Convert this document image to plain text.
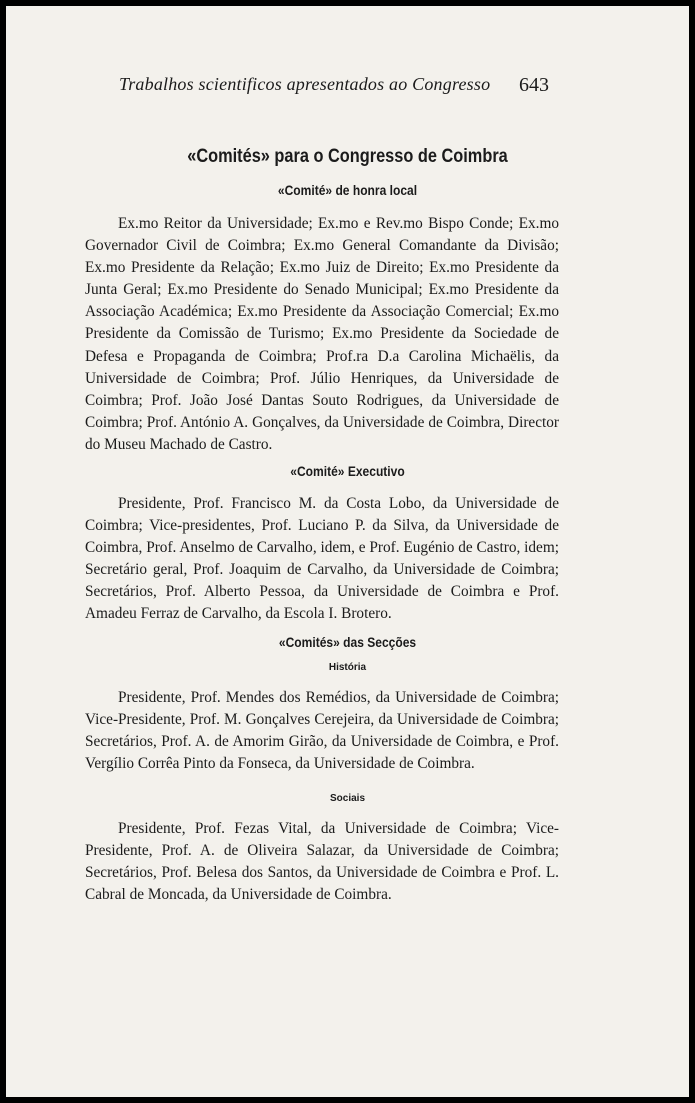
Trabalhos scientificos apresentados ao Congresso	643
«Comités» para o Congresso de Coimbra
«Comité» de honra local

Ex.mo Reitor da Universidade; Ex.mo e Rev.mo Bispo Conde; Ex.mo Governador Civil de Coimbra; Ex.mo General Comandante da Divisão; Ex.mo Presidente da Relação; Ex.mo Juiz de Direito; Ex.mo Presidente da Junta Geral; Ex.mo Presidente do Senado Municipal; Ex.mo Presidente da Associação Académica; Ex.mo Presidente da Associação Comercial; Ex.mo Presidente da Comissão de Turismo; Ex.mo Presidente da Sociedade de Defesa e Propaganda de Coimbra; Prof.ra D.a Carolina Michaëlis, da Universidade de Coimbra; Prof. Júlio Henriques, da Universidade de Coimbra; Prof. João José Dantas Souto Rodrigues, da Universidade de Coimbra; Prof. António A. Gonçalves, da Universidade de Coimbra, Director do Museu Machado de Castro.

«Comité» Executivo

Presidente, Prof. Francisco M. da Costa Lobo, da Universidade de Coimbra; Vice-presidentes, Prof. Luciano P. da Silva, da Universidade de Coimbra, Prof. Anselmo de Carvalho, idem, e Prof. Eugénio de Castro, idem; Secretário geral, Prof. Joaquim de Carvalho, da Universidade de Coimbra; Secretários, Prof. Alberto Pessoa, da Universidade de Coimbra e Prof. Amadeu Ferraz de Carvalho, da Escola I. Brotero.

«Comités» das Secções
História

Presidente, Prof. Mendes dos Remédios, da Universidade de Coimbra; Vice-Presidente, Prof. M. Gonçalves Cerejeira, da Universidade de Coimbra; Secretários, Prof. A. de Amorim Girão, da Universidade de Coimbra, e Prof. Vergílio Corrêa Pinto da Fonseca, da Universidade de Coimbra.

Sociais

Presidente, Prof. Fezas Vital, da Universidade de Coimbra; Vice-Presidente, Prof. A. de Oliveira Salazar, da Universidade de Coimbra; Secretários, Prof. Belesa dos Santos, da Universidade de Coimbra e Prof. L. Cabral de Moncada, da Universidade de Coimbra.
